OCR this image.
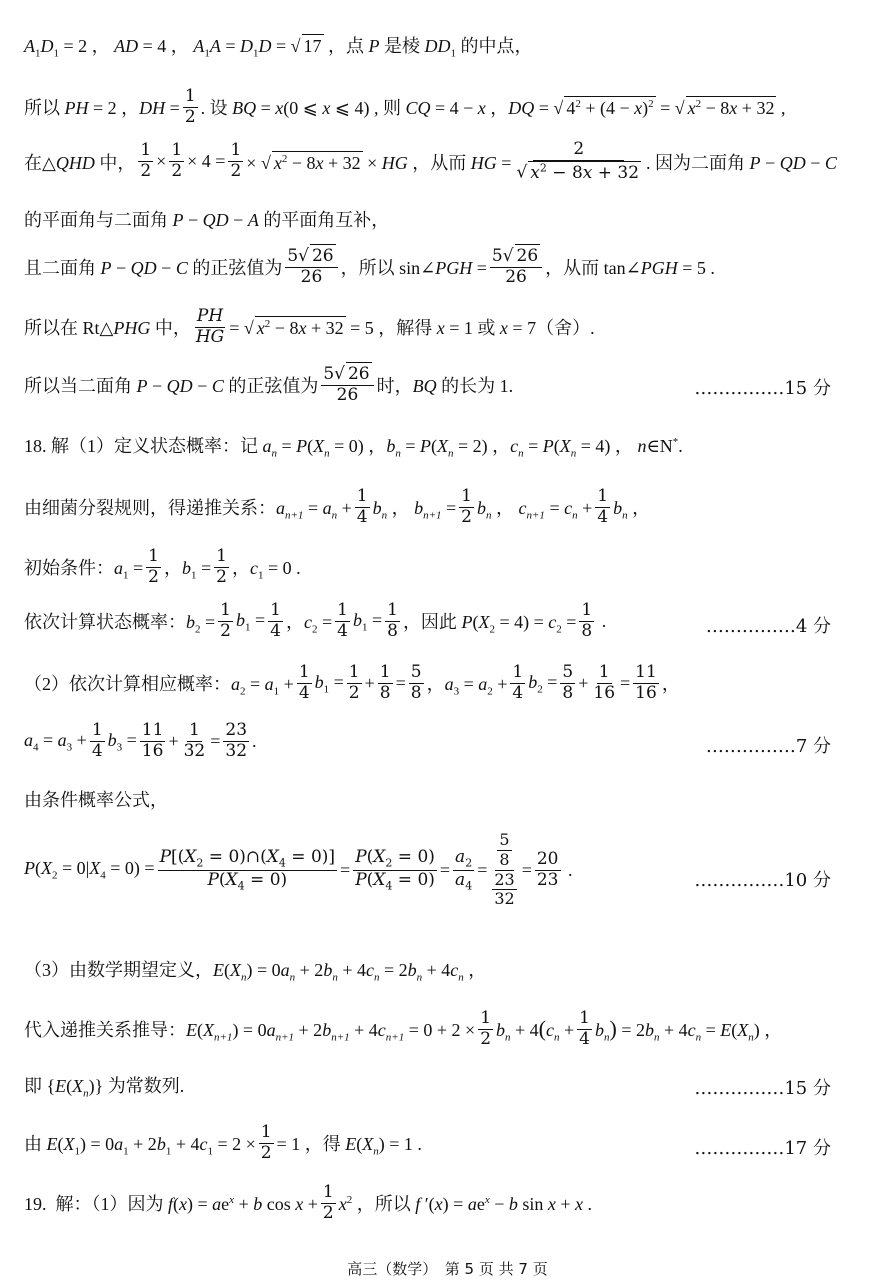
$A_1D_1 = 2$ ， AD = 4 ， $A_1A = D_1D$ = √ 17 ，点 P 是棱 $DD_1$ 的中点，
所以 PH = 2 ，DH = $\frac{1}{2}$ . 设 BQ = x(0 ⩽ x ⩽ 4) , 则 CQ = 4 − x ，DQ = √ $4^2 + (4 - x)^2$ = √ $x^2 - 8x + 32$ ,
在△QHD 中， $\frac{1}{2} \times \frac{1}{2} \times 4 = \frac{1}{2}$ × √ $x^2 - 8x + 32$ × HG ，从而 HG = $\frac{2}{√ x^2 - 8x + 32}$ . 因为二面角 P − QD − C
的平面角与二面角 P − QD − A 的平面角互补，
且二面角 P − QD − C 的正弦值为 $\frac{5√ 26}{26}$ ，所以 sin∠PGH = $\frac{5√ 26}{26}$ ，从而 tan∠PGH = 5 .
所以在 Rt△PHG 中， $\frac{PH}{HG}$ = √ $x^2 - 8x + 32 = 5$ ，解得 x = 1 或 x = 7（舍）.
所以当二面角 P − QD − C 的正弦值为 $\frac{5√ 26}{26}$ 时，BQ 的长为 1.	……………15 分
18. 解（1）定义状态概率：记 $a_n = P(X_n = 0)$ ，$b_n = P(X_n = 2)$ ，$c_n = P(X_n = 4)$ ， n∈N*.
由细菌分裂规则，得递推关系：$a_{n+1} = a_n + \frac{1}{4} b_n$ ， $b_{n+1} = \frac{1}{2} b_n$ ， $c_{n+1} = c_n + \frac{1}{4} b_n$ ，
初始条件：$a_1 = \frac{1}{2}$ ，$b_1 = \frac{1}{2}$ ，$c_1 = 0$ .
依次计算状态概率：$b_2 = \frac{1}{2} b_1 = \frac{1}{4}$ ，$c_2 = \frac{1}{4} b_1 = \frac{1}{8}$ ，因此 $P(X_2 = 4) = c_2 = \frac{1}{8}$ .	……………4 分
（2）依次计算相应概率：$a_2 = a_1 + \frac{1}{4} b_1 = \frac{1}{2} + \frac{1}{8} = \frac{5}{8}$ ，$a_3 = a_2 + \frac{1}{4} b_2 = \frac{5}{8} + \frac{1}{16} = \frac{11}{16}$ ，
$a_4 = a_3 + \frac{1}{4} b_3 = \frac{11}{16} + \frac{1}{32} = \frac{23}{32}$ .	……………7 分
由条件概率公式，
$P(X_2 = 0|X_4 = 0) = \frac{P[(X_2 = 0)\cap(X_4 = 0)]}{P(X_4 = 0)} = \frac{P(X_2 = 0)}{P(X_4 = 0)} = \frac{a_2}{a_4} = \frac{\frac{5}{8}}{\frac{23}{32}} = \frac{20}{23}$ .
……………10 分
（3）由数学期望定义，$E(X_n) = 0a_n + 2b_n + 4c_n = 2b_n + 4c_n$ ，
代入递推关系推导：$E(X_{n+1}) = 0a_{n+1} + 2b_{n+1} + 4c_{n+1} = 0 + 2 \times \frac{1}{2} b_n + 4(c_n + \frac{1}{4} b_n) = 2b_n + 4c_n = E(X_n)$ ，
即 $\{E(X_n)\}$ 为常数列.	……………15 分
由 $E(X_1) = 0a_1 + 2b_1 + 4c_1 = 2 \times \frac{1}{2} = 1$ ，得 $E(X_n) = 1$ .	……………17 分
19.  解：（1）因为 $f(x) = ae^x + b$ $\cos x + \frac{1}{2} x^2$ ，所以 f $'(x) = ae^x - b$ sin x + x .
高三（数学）　第 5 页 共 7 页
